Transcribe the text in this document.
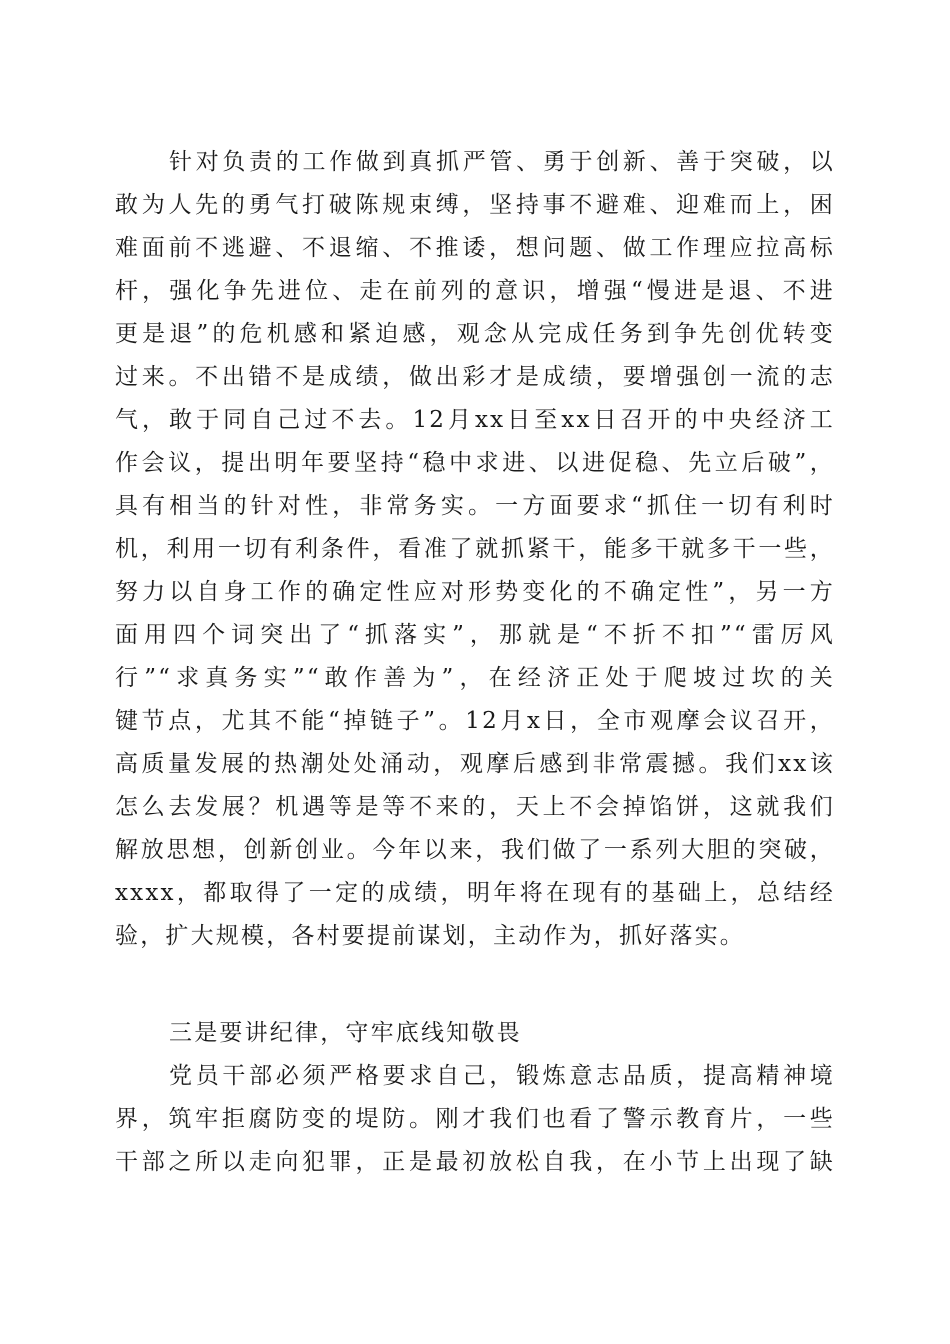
针对负责的工作做到真抓严管、勇于创新、善于突破，以
敢为人先的勇气打破陈规束缚，坚持事不避难、迎难而上，困
难面前不逃避、不退缩、不推诿，想问题、做工作理应拉高标
杆，强化争先进位、走在前列的意识，增强“慢进是退、不进
更是退”的危机感和紧迫感，观念从完成任务到争先创优转变
过来。不出错不是成绩，做出彩才是成绩，要增强创一流的志
气，敢于同自己过不去。12月xx日至xx日召开的中央经济工
作会议，提出明年要坚持“稳中求进、以进促稳、先立后破”，
具有相当的针对性，非常务实。一方面要求“抓住一切有利时
机，利用一切有利条件，看准了就抓紧干，能多干就多干一些，
努力以自身工作的确定性应对形势变化的不确定性”，另一方
面用四个词突出了“抓落实”，那就是“不折不扣”“雷厉风
行”“求真务实”“敢作善为”，在经济正处于爬坡过坎的关
键节点，尤其不能“掉链子”。12月x日，全市观摩会议召开，
高质量发展的热潮处处涌动，观摩后感到非常震撼。我们xx该
怎么去发展？机遇等是等不来的，天上不会掉馅饼，这就我们
解放思想，创新创业。今年以来，我们做了一系列大胆的突破，
xxxx，都取得了一定的成绩，明年将在现有的基础上，总结经
验，扩大规模，各村要提前谋划，主动作为，抓好落实。
三是要讲纪律，守牢底线知敬畏
党员干部必须严格要求自己，锻炼意志品质，提高精神境
界，筑牢拒腐防变的堤防。刚才我们也看了警示教育片，一些
干部之所以走向犯罪，正是最初放松自我，在小节上出现了缺
